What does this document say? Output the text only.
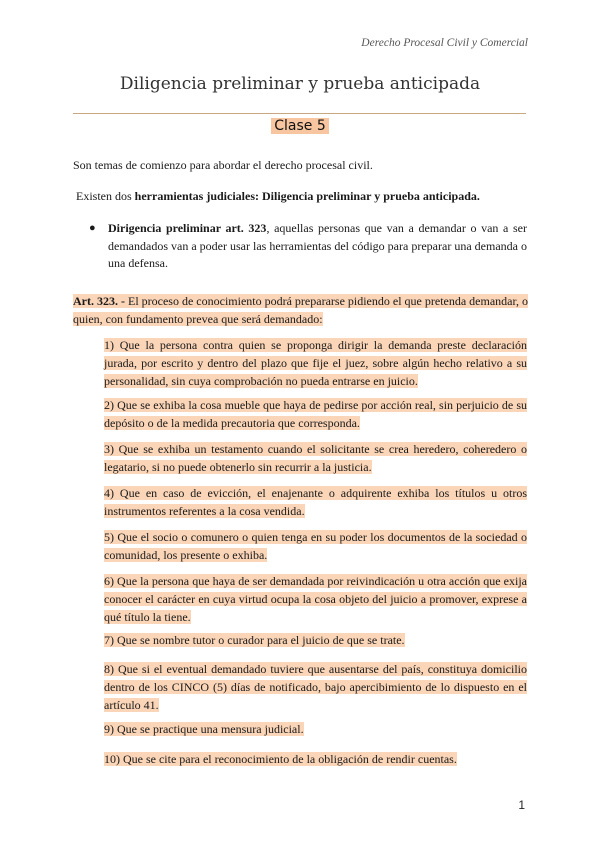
Derecho Procesal Civil y Comercial
Diligencia preliminar y prueba anticipada
Clase 5
Son temas de comienzo para abordar el derecho procesal civil.
Existen dos herramientas judiciales: Diligencia preliminar y prueba anticipada.
● Dirigencia preliminar art. 323, aquellas personas que van a demandar o van a ser demandados van a poder usar las herramientas del código para preparar una demanda o una defensa.
Art. 323. - El proceso de conocimiento podrá prepararse pidiendo el que pretenda demandar, o quien, con fundamento prevea que será demandado:
1) Que la persona contra quien se proponga dirigir la demanda preste declaración jurada, por escrito y dentro del plazo que fije el juez, sobre algún hecho relativo a su personalidad, sin cuya comprobación no pueda entrarse en juicio.
2) Que se exhiba la cosa mueble que haya de pedirse por acción real, sin perjuicio de su depósito o de la medida precautoria que corresponda.
3) Que se exhiba un testamento cuando el solicitante se crea heredero, coheredero o legatario, si no puede obtenerlo sin recurrir a la justicia.
4) Que en caso de evicción, el enajenante o adquirente exhiba los títulos u otros instrumentos referentes a la cosa vendida.
5) Que el socio o comunero o quien tenga en su poder los documentos de la sociedad o comunidad, los presente o exhiba.
6) Que la persona que haya de ser demandada por reivindicación u otra acción que exija conocer el carácter en cuya virtud ocupa la cosa objeto del juicio a promover, exprese a qué título la tiene.
7) Que se nombre tutor o curador para el juicio de que se trate.
8) Que si el eventual demandado tuviere que ausentarse del país, constituya domicilio dentro de los CINCO (5) días de notificado, bajo apercibimiento de lo dispuesto en el artículo 41.
9) Que se practique una mensura judicial.
10) Que se cite para el reconocimiento de la obligación de rendir cuentas.
1
